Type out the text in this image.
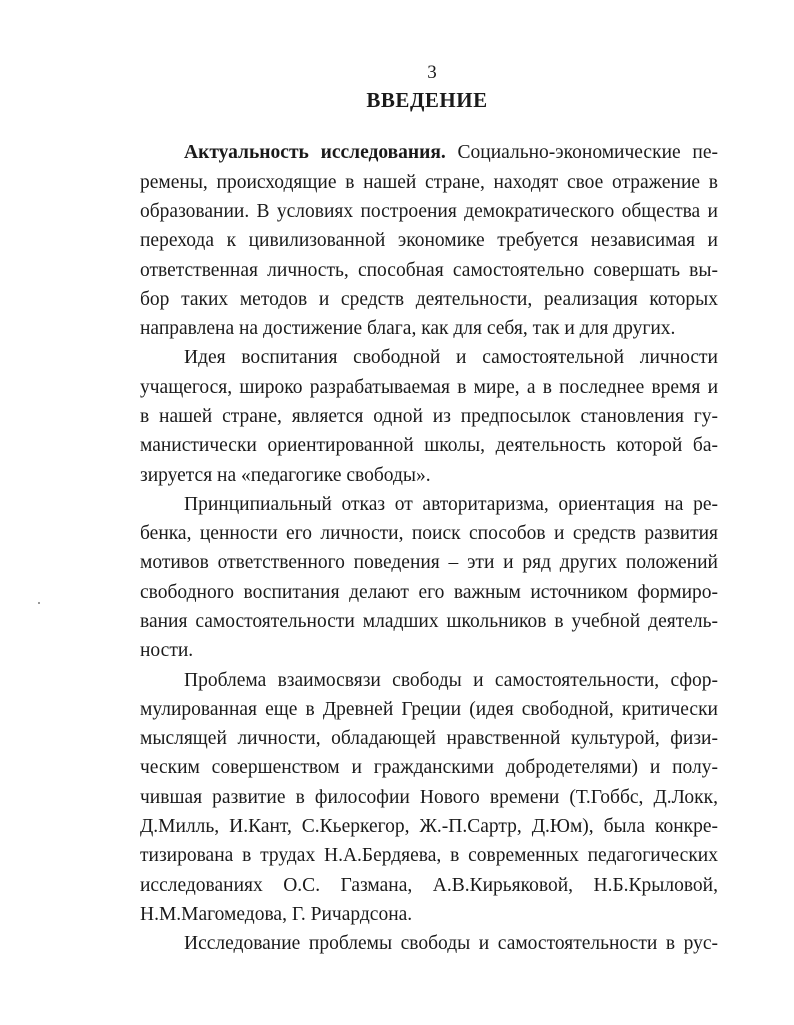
3
ВВЕДЕНИЕ
Актуальность исследования. Социально-экономические пе-
ремены, происходящие в нашей стране, находят свое отражение в
образовании. В условиях построения демократического общества и
перехода к цивилизованной экономике требуется независимая и
ответственная личность, способная самостоятельно совершать вы-
бор таких методов и средств деятельности, реализация которых
направлена на достижение блага, как для себя, так и для других.
Идея воспитания свободной и самостоятельной личности
учащегося, широко разрабатываемая в мире, а в последнее время и
в нашей стране, является одной из предпосылок становления гу-
манистически ориентированной школы, деятельность которой ба-
зируется на «педагогике свободы».
Принципиальный отказ от авторитаризма, ориентация на ре-
бенка, ценности его личности, поиск способов и средств развития
мотивов ответственного поведения – эти и ряд других положений
свободного воспитания делают его важным источником формиро-
вания самостоятельности младших школьников в учебной деятель-
ности.
Проблема взаимосвязи свободы и самостоятельности, сфор-
мулированная еще в Древней Греции (идея свободной, критически
мыслящей личности, обладающей нравственной культурой, физи-
ческим совершенством и гражданскими добродетелями) и полу-
чившая развитие в философии Нового времени (Т.Гоббс, Д.Локк,
Д.Милль, И.Кант, С.Кьеркегор, Ж.-П.Сартр, Д.Юм), была конкре-
тизирована в трудах Н.А.Бердяева, в современных педагогических
исследованиях О.С. Газмана, А.В.Кирьяковой, Н.Б.Крыловой,
Н.М.Магомедова, Г. Ричардсона.
Исследование проблемы свободы и самостоятельности в рус-
